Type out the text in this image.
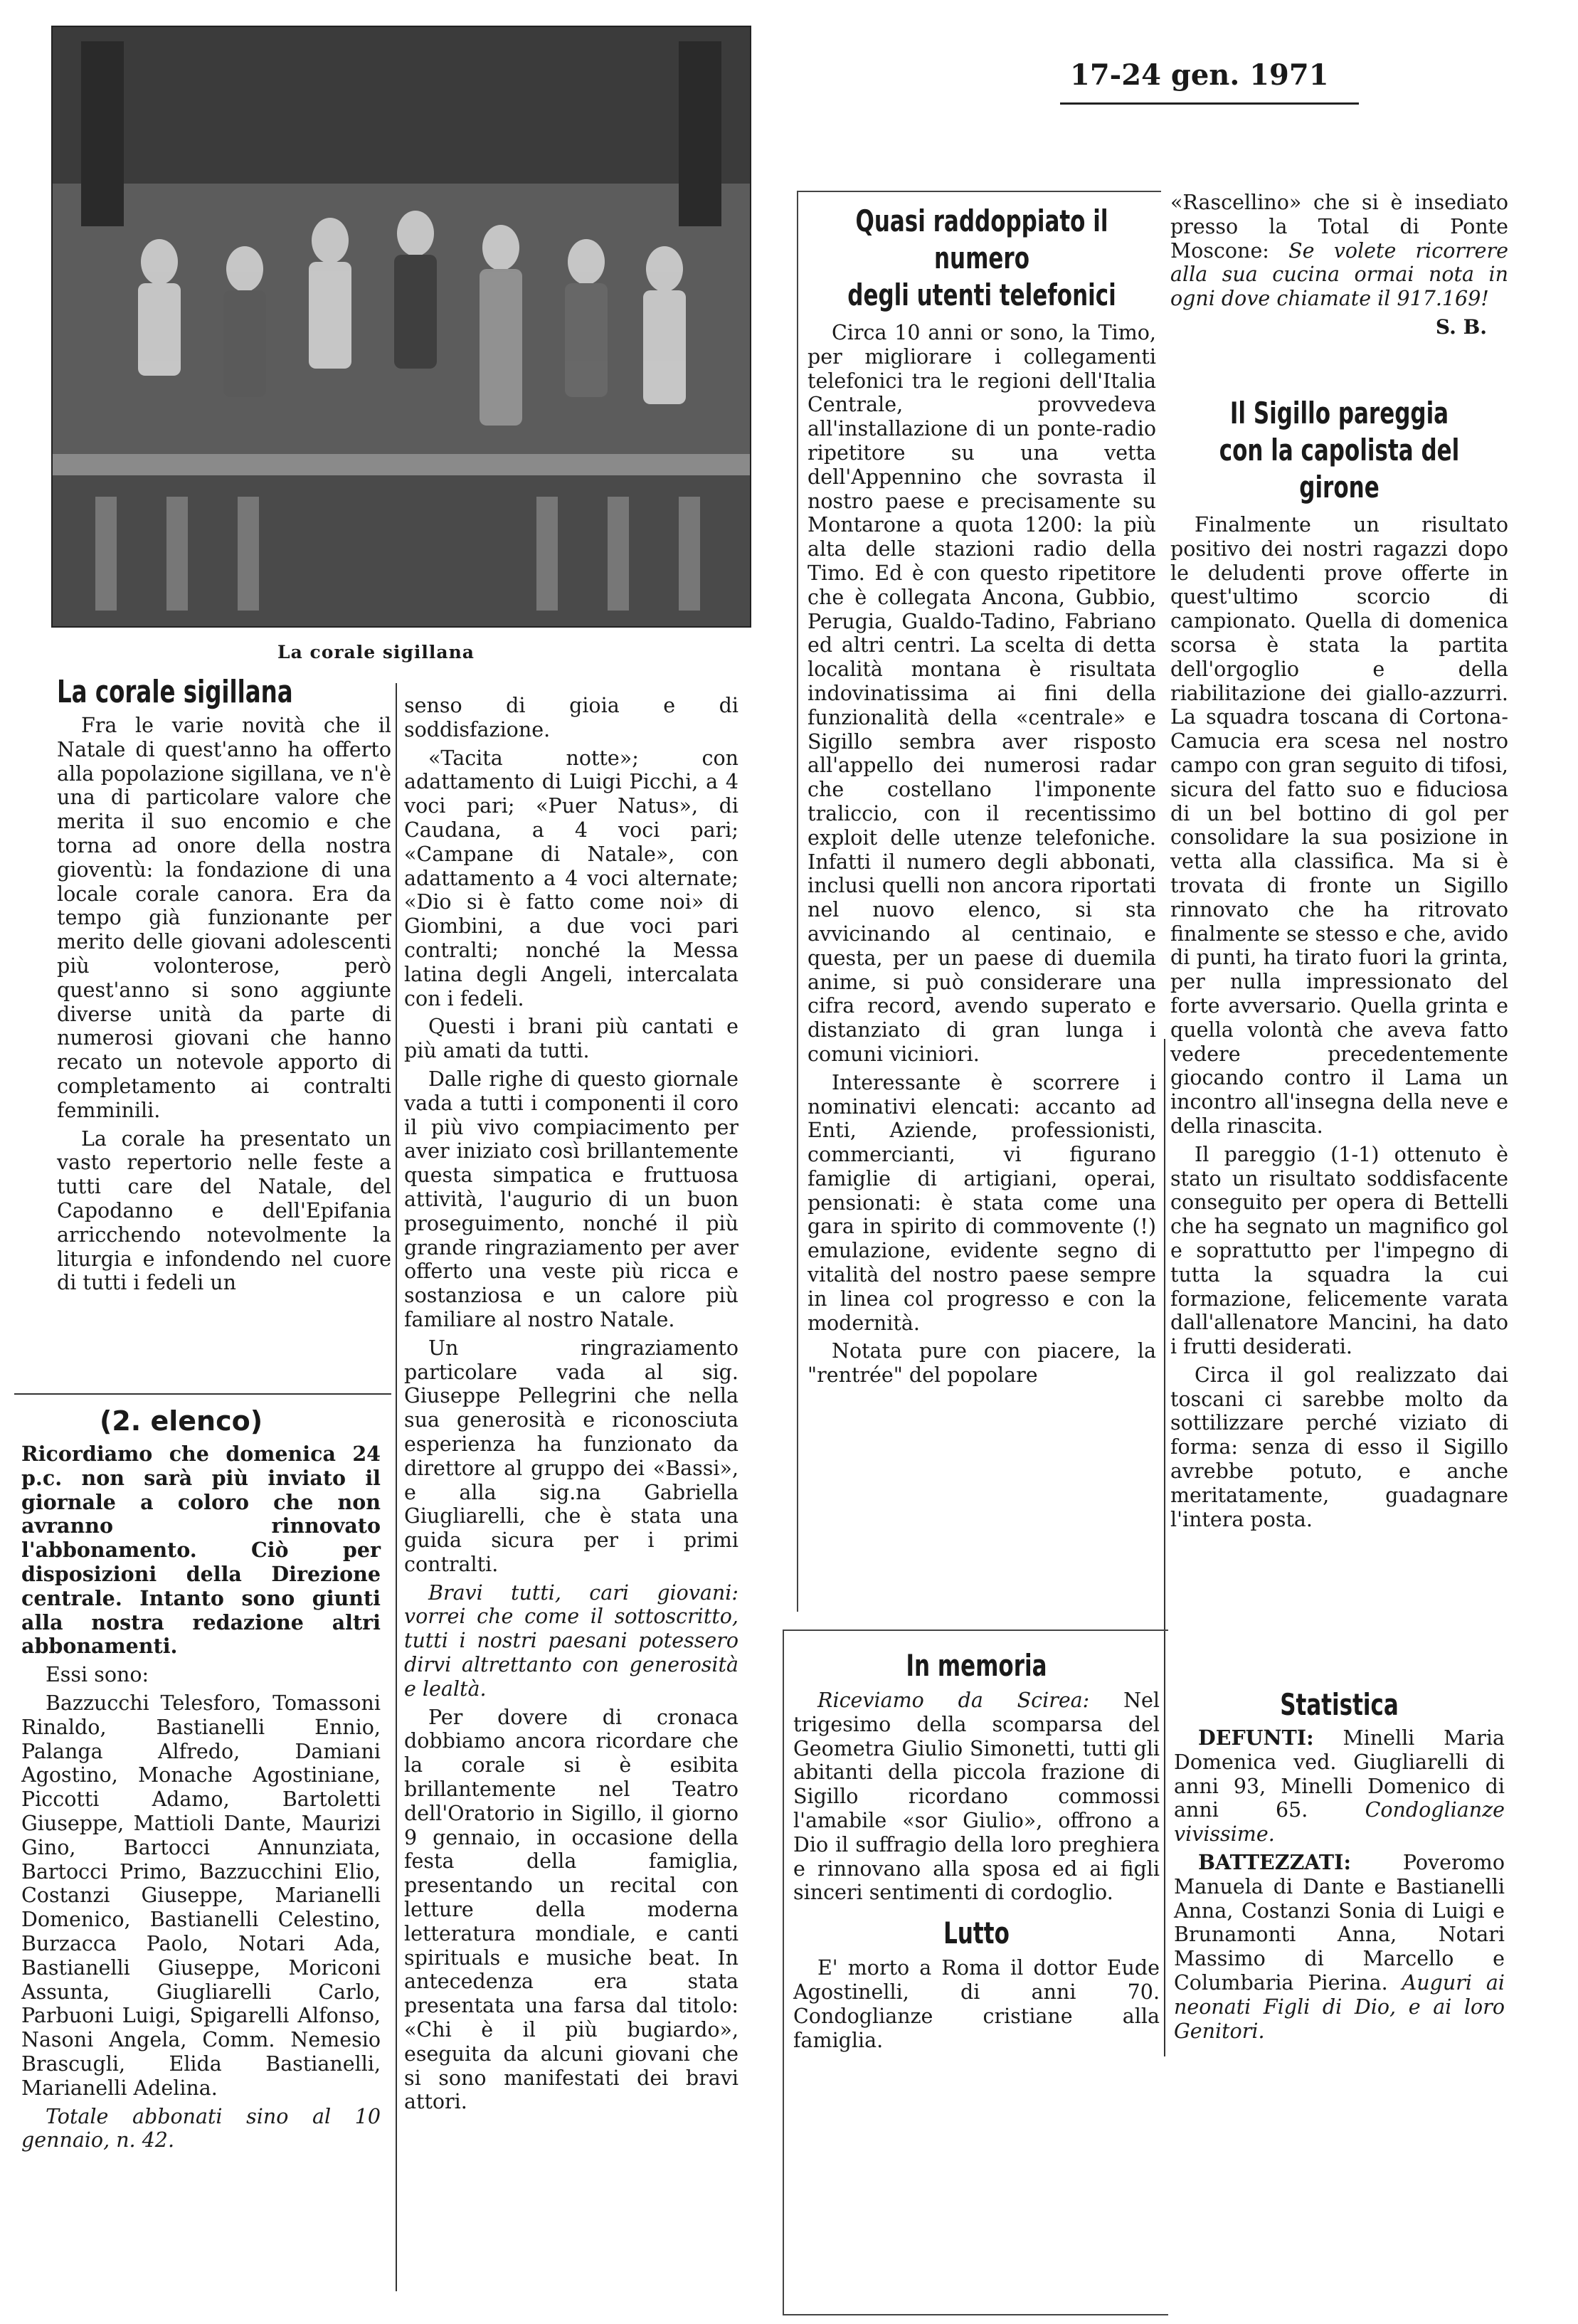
17-24 gen. 1971
La corale sigillana
La corale sigillana

Fra le varie novità che il Natale di quest'anno ha offerto alla popolazione sigillana, ve n'è una di particolare valore che merita il suo encomio e che torna ad onore della nostra gioventù: la fondazione di una locale corale canora. Era da tempo già funzionante per merito delle giovani adolescenti più volonterose, però quest'anno si sono aggiunte diverse unità da parte di numerosi giovani che hanno recato un notevole apporto di completamento ai contralti femminili.

La corale ha presentato un vasto repertorio nelle feste a tutti care del Natale, del Capodanno e dell'Epifania arricchendo notevolmente la liturgia e infondendo nel cuore di tutti i fedeli un

senso di gioia e di soddisfazione.

«Tacita notte»; con adattamento di Luigi Picchi, a 4 voci pari; «Puer Natus», di Caudana, a 4 voci pari; «Campane di Natale», con adattamento a 4 voci alternate; «Dio si è fatto come noi» di Giombini, a due voci pari contralti; nonché la Messa latina degli Angeli, intercalata con i fedeli.

Questi i brani più cantati e più amati da tutti.

Dalle righe di questo giornale vada a tutti i componenti il coro il più vivo compiacimento per aver iniziato così brillantemente questa simpatica e fruttuosa attività, l'augurio di un buon proseguimento, nonché il più grande ringraziamento per aver offerto una veste più ricca e sostanziosa e un calore più familiare al nostro Natale.

Un ringraziamento particolare vada al sig. Giuseppe Pellegrini che nella sua generosità e riconosciuta esperienza ha funzionato da direttore al gruppo dei «Bassi», e alla sig.na Gabriella Giugliarelli, che è stata una guida sicura per i primi contralti.

Bravi tutti, cari giovani: vorrei che come il sottoscritto, tutti i nostri paesani potessero dirvi altrettanto con generosità e lealtà.

Per dovere di cronaca dobbiamo ancora ricordare che la corale si è esibita brillantemente nel Teatro dell'Oratorio in Sigillo, il giorno 9 gennaio, in occasione della festa della famiglia, presentando un recital con letture della moderna letteratura mondiale, e canti spirituals e musiche beat. In antecedenza era stata presentata una farsa dal titolo: «Chi è il più bugiardo», eseguita da alcuni giovani che si sono manifestati dei bravi attori.

(2. elenco)

Ricordiamo che domenica 24 p.c. non sarà più inviato il giornale a coloro che non avranno rinnovato l'abbonamento. Ciò per disposizioni della Direzione centrale. Intanto sono giunti alla nostra redazione altri abbonamenti.

Essi sono:

Bazzucchi Telesforo, Tomassoni Rinaldo, Bastianelli Ennio, Palanga Alfredo, Damiani Agostino, Monache Agostiniane, Piccotti Adamo, Bartoletti Giuseppe, Mattioli Dante, Maurizi Gino, Bartocci Annunziata, Bartocci Primo, Bazzucchini Elio, Costanzi Giuseppe, Marianelli Domenico, Bastianelli Celestino, Burzacca Paolo, Notari Ada, Bastianelli Giuseppe, Moriconi Assunta, Giugliarelli Carlo, Parbuoni Luigi, Spigarelli Alfonso, Nasoni Angela, Comm. Nemesio Brascugli, Elida Bastianelli, Marianelli Adelina.

Totale abbonati sino al 10 gennaio, n. 42.

Quasi raddoppiato il numero
degli utenti telefonici

Circa 10 anni or sono, la Timo, per migliorare i collegamenti telefonici tra le regioni dell'Italia Centrale, provvedeva all'installazione di un ponte-radio ripetitore su una vetta dell'Appennino che sovrasta il nostro paese e precisamente su Montarone a quota 1200: la più alta delle stazioni radio della Timo. Ed è con questo ripetitore che è collegata Ancona, Gubbio, Perugia, Gualdo-Tadino, Fabriano ed altri centri. La scelta di detta località montana è risultata indovinatissima ai fini della funzionalità della «centrale» e Sigillo sembra aver risposto all'appello dei numerosi radar che costellano l'imponente traliccio, con il recentissimo exploit delle utenze telefoniche. Infatti il numero degli abbonati, inclusi quelli non ancora riportati nel nuovo elenco, si sta avvicinando al centinaio, e questa, per un paese di duemila anime, si può considerare una cifra record, avendo superato e distanziato di gran lunga i comuni viciniori.

Interessante è scorrere i nominativi elencati: accanto ad Enti, Aziende, professionisti, commercianti, vi figurano famiglie di artigiani, operai, pensionati: è stata come una gara in spirito di commovente (!) emulazione, evidente segno di vitalità del nostro paese sempre in linea col progresso e con la modernità.

Notata pure con piacere, la "rentrée" del popolare

«Rascellino» che si è insediato presso la Total di Ponte Moscone: Se volete ricorrere alla sua cucina ormai nota in ogni dove chiamate il 917.169!

S. B.
Il Sigillo pareggia
con la capolista del girone

Finalmente un risultato positivo dei nostri ragazzi dopo le deludenti prove offerte in quest'ultimo scorcio di campionato. Quella di domenica scorsa è stata la partita dell'orgoglio e della riabilitazione dei giallo-azzurri. La squadra toscana di Cortona-Camucia era scesa nel nostro campo con gran seguito di tifosi, sicura del fatto suo e fiduciosa di un bel bottino di gol per consolidare la sua posizione in vetta alla classifica. Ma si è trovata di fronte un Sigillo rinnovato che ha ritrovato finalmente se stesso e che, avido di punti, ha tirato fuori la grinta, per nulla impressionato del forte avversario. Quella grinta e quella volontà che aveva fatto vedere precedentemente giocando contro il Lama un incontro all'insegna della neve e della rinascita.

Il pareggio (1-1) ottenuto è stato un risultato soddisfacente conseguito per opera di Bettelli che ha segnato un magnifico gol e soprattutto per l'impegno di tutta la squadra la cui formazione, felicemente varata dall'allenatore Mancini, ha dato i frutti desiderati.

Circa il gol realizzato dai toscani ci sarebbe molto da sottilizzare perché viziato di forma: senza di esso il Sigillo avrebbe potuto, e anche meritatamente, guadagnare l'intera posta.

Statistica

DEFUNTI: Minelli Maria Domenica ved. Giugliarelli di anni 93, Minelli Domenico di anni 65.	Condoglianze vivissime.

BATTEZZATI:	Poveromo Manuela di Dante e Bastianelli Anna, Costanzi Sonia di Luigi e Brunamonti Anna, Notari Massimo di Marcello e Columbaria Pierina. Auguri ai neonati Figli di Dio, e ai loro Genitori.

In memoria

Riceviamo da Scirea: Nel trigesimo della scomparsa del Geometra Giulio Simonetti, tutti gli abitanti della piccola frazione di Sigillo ricordano commossi l'amabile «sor Giulio», offrono a Dio il suffragio della loro preghiera e rinnovano alla sposa ed ai figli sinceri sentimenti di cordoglio.

Lutto

E' morto a Roma il dottor Eude Agostinelli, di anni 70. Condoglianze cristiane alla famiglia.
